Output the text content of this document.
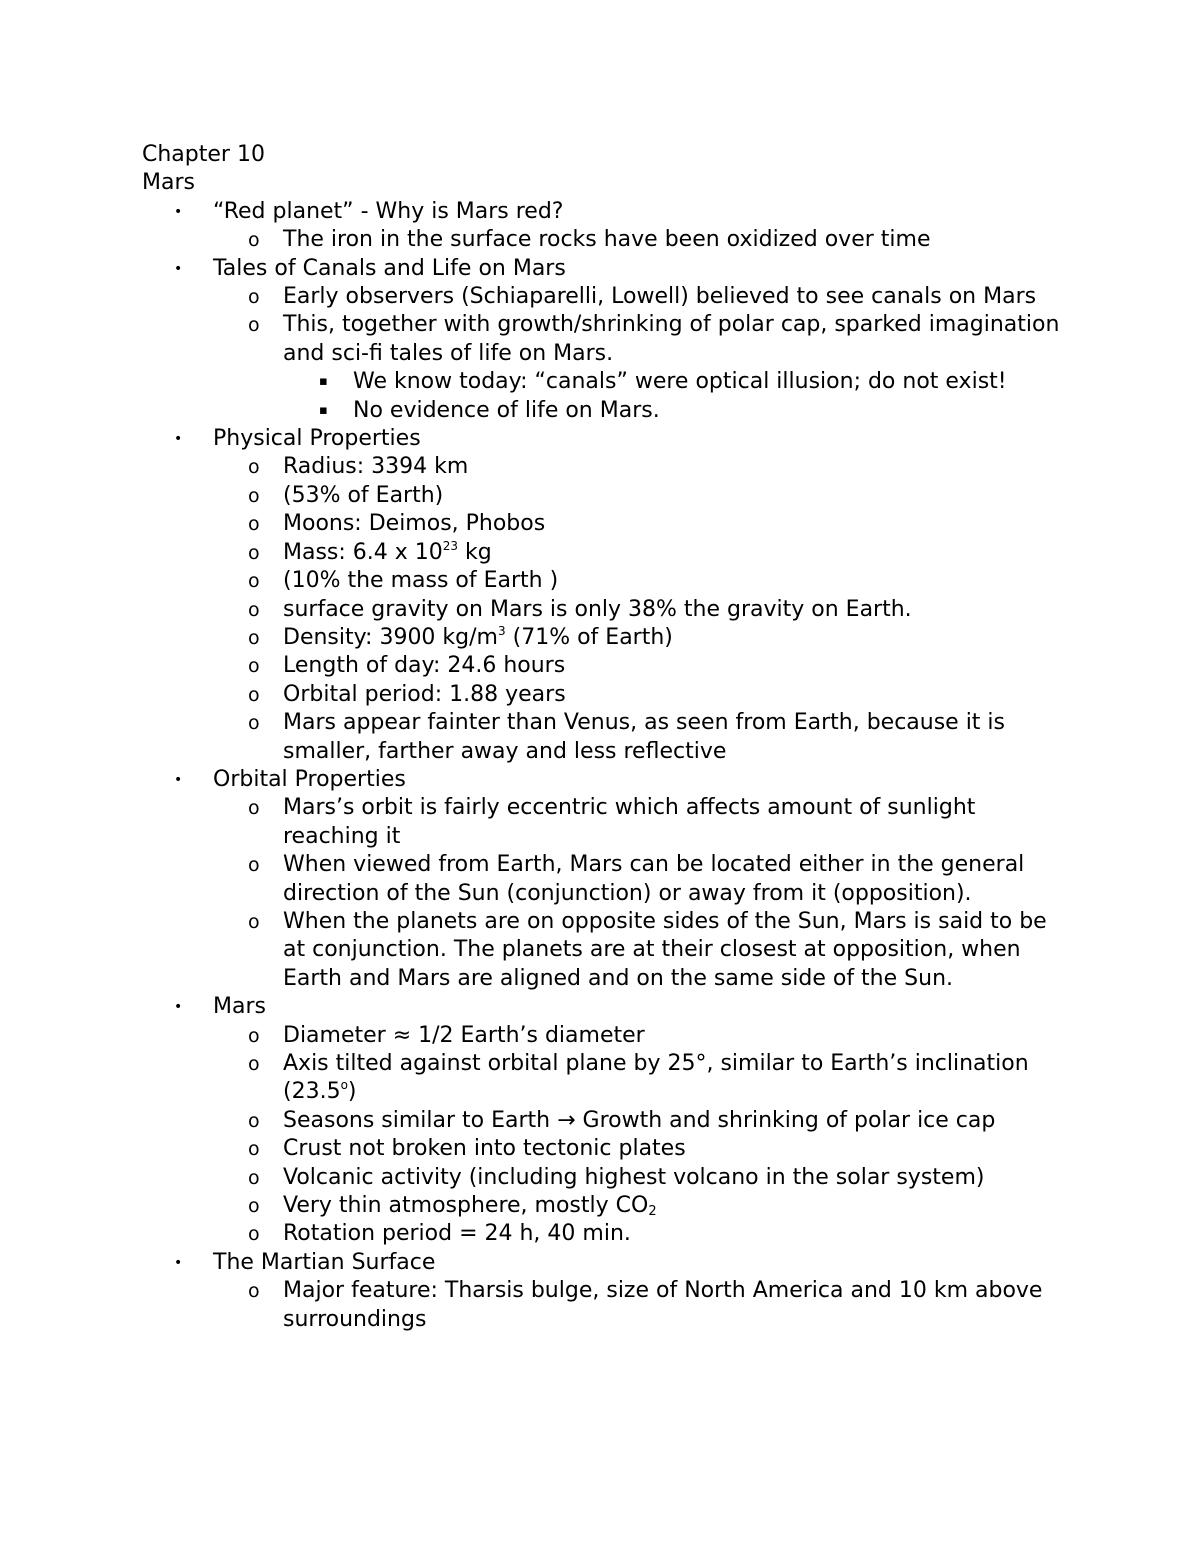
Chapter 10
Mars
• “Red planet” - Why is Mars red?
o The iron in the surface rocks have been oxidized over time
• Tales of Canals and Life on Mars
o Early observers (Schiaparelli, Lowell) believed to see canals on Mars
o This, together with growth/shrinking of polar cap, sparked imagination and sci-fi tales of life on Mars.
▪ We know today: “canals” were optical illusion; do not exist!
▪ No evidence of life on Mars.
• Physical Properties
o Radius: 3394 km
o (53% of Earth)
o Moons: Deimos, Phobos
o Mass: 6.4 x $10^{23}$ kg
o (10% the mass of Earth )
o surface gravity on Mars is only 38% the gravity on Earth.
o Density: 3900 $kg/m^3$ (71% of Earth)
o Length of day: 24.6 hours
o Orbital period: 1.88 years
o Mars appear fainter than Venus, as seen from Earth, because it is smaller, farther away and less reflective
• Orbital Properties
o Mars’s orbit is fairly eccentric which affects amount of sunlight reaching it
o When viewed from Earth, Mars can be located either in the general direction of the Sun (conjunction) or away from it (opposition).
o When the planets are on opposite sides of the Sun, Mars is said to be at conjunction. The planets are at their closest at opposition, when Earth and Mars are aligned and on the same side of the Sun.
• Mars
o Diameter ≈ 1/2 Earth’s diameter
o Axis tilted against orbital plane by 25°, similar to Earth’s inclination (23.5$^o$)
o Seasons similar to Earth → Growth and shrinking of polar ice cap
o Crust not broken into tectonic plates
o Volcanic activity (including highest volcano in the solar system)
o Very thin atmosphere, mostly $CO_2$
o Rotation period = 24 h, 40 min.
• The Martian Surface
o Major feature: Tharsis bulge, size of North America and 10 km above surroundings
